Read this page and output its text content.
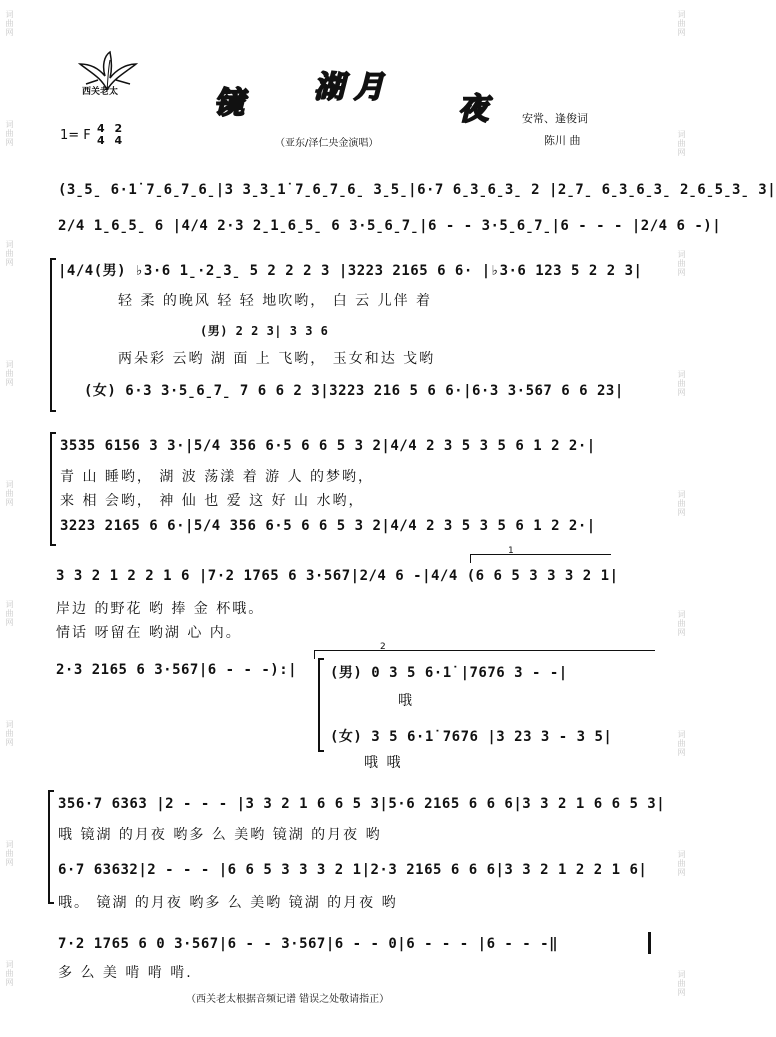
词曲网
词曲网
词曲网
词曲网
词曲网
词曲网
词曲网
词曲网
词曲网
词曲网
词曲网
词曲网
词曲网
词曲网
词曲网
词曲网
词曲网
词曲网
西关老太	镜 湖 月
夜
1= F 4 2
4 4
安常、逢俊词
陈川 曲
（亚东/泽仁央金演唱）
(3̱5̱ 6·1̇ 7̱6̱7̱6̱|3 3̱3̱1̇ 7̱6̱7̱6̱ 3̱5̱|6·7 6̱3̱6̱3̱ 2 |2̱7̱ 6̱3̱6̱3̱ 2̱6̱5̱3̱ 3|
2/4 1̱6̱5̱ 6 |4/4 2·3 2̱1̱6̱5̱ 6 3·5̱6̱7̱|6 - - 3·5̱6̱7̱|6 - - - |2/4 6 -)|
|4/4(男) ♭3·6 1̱·2̱3̱ 5 2 2 2 3 |3223 2165 6 6· |♭3·6 123 5 2 2 3|
轻 柔 的晚风 轻 轻 地吹哟， 白 云 儿伴 着
(男) 2 2 3| 3 3 6
两朵彩 云哟 湖 面 上 飞哟， 玉女和达 戈哟
(女) 6·3 3·5̱6̱7̱ 7 6 6 2 3|3223 216 5 6 6·|6·3 3·567 6 6 23|
3535 6156 3 3·|5/4 356 6·5 6 6 5 3 2|4/4 2 3 5 3 5 6 1 2 2·|
青 山 睡哟， 湖 波 荡漾 着 游 人 的梦哟，
来 相 会哟， 神 仙 也 爱 这 好 山 水哟，
3223 2165 6 6·|5/4 356 6·5 6 6 5 3 2|4/4 2 3 5 3 5 6 1 2 2·|
1
3 3 2 1 2 2 1 6 |7·2 1765 6 3·567|2/4 6 -|4/4 (6 6 5 3 3 3 2 1|
岸边 的野花 哟 捧 金 杯哦。
情话 呀留在 哟湖 心 内。
2
2·3 2165 6 3·567|6 - - -):| (男) 0 3 5 6·1̇ |7676 3 - -|
哦
(女) 3 5 6·1̇ 7676 |3 23 3 - 3 5|
哦 哦
356·7 6363 |2 - - - |3 3 2 1 6 6 5 3|5·6 2165 6 6 6|3 3 2 1 6 6 5 3|
哦 镜湖 的月夜 哟多 么 美哟 镜湖 的月夜 哟
6·7 63632|2 - - - |6 6 5 3 3 3 2 1|2·3 2165 6 6 6|3 3 2 1 2 2 1 6|
哦。 镜湖 的月夜 哟多 么 美哟 镜湖 的月夜 哟
7·2 1765 6 0 3·567|6 - - 3·567|6 - - 0|6 - - - |6 - - -‖
多 么 美 啃 啃 啃.
（西关老太根据音频记谱 错误之处敬请指正）
